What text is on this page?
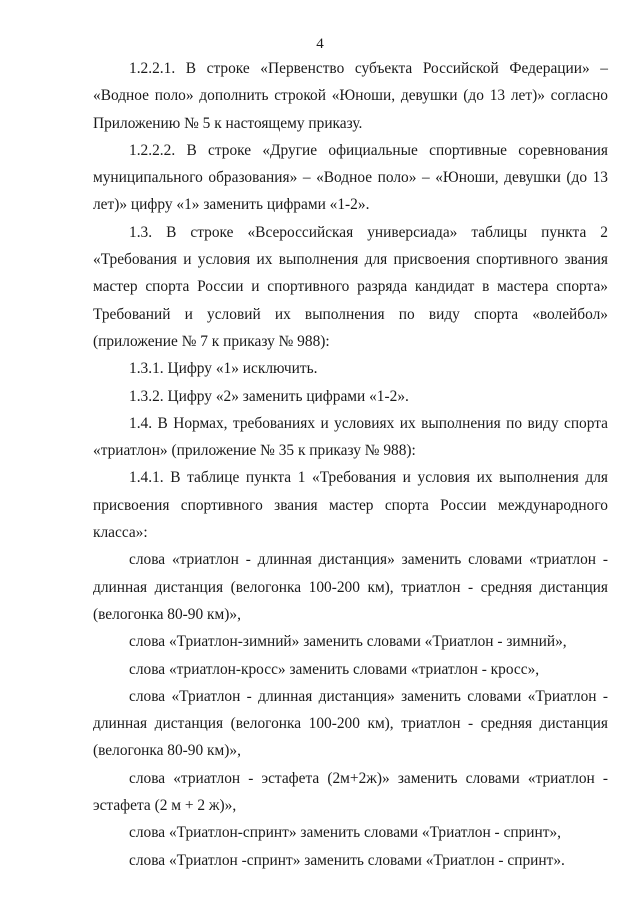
4

1.2.2.1. В строке «Первенство субъекта Российской Федерации» – «Водное поло» дополнить строкой «Юноши, девушки (до 13 лет)» согласно Приложению № 5 к настоящему приказу.

1.2.2.2. В строке «Другие официальные спортивные соревнования муниципального образования» – «Водное поло» – «Юноши, девушки (до 13 лет)» цифру «1» заменить цифрами «1-2».

1.3. В строке «Всероссийская универсиада» таблицы пункта 2 «Требования и условия их выполнения для присвоения спортивного звания мастер спорта России и спортивного разряда кандидат в мастера спорта» Требований и условий их выполнения по виду спорта «волейбол» (приложение № 7 к приказу № 988):

1.3.1. Цифру «1» исключить.

1.3.2. Цифру «2» заменить цифрами «1-2».

1.4. В Нормах, требованиях и условиях их выполнения по виду спорта «триатлон» (приложение № 35 к приказу № 988):

1.4.1. В таблице пункта 1 «Требования и условия их выполнения для присвоения спортивного звания мастер спорта России международного класса»:

слова «триатлон - длинная дистанция» заменить словами «триатлон - длинная дистанция (велогонка 100-200 км), триатлон - средняя дистанция (велогонка 80-90 км)»,

слова «Триатлон-зимний» заменить словами «Триатлон - зимний»,

слова «триатлон-кросс» заменить словами «триатлон - кросс»,

слова «Триатлон - длинная дистанция» заменить словами «Триатлон - длинная дистанция (велогонка 100-200 км), триатлон - средняя дистанция (велогонка 80-90 км)»,

слова «триатлон - эстафета (2м+2ж)» заменить словами «триатлон - эстафета (2 м + 2 ж)»,

слова «Триатлон-спринт» заменить словами «Триатлон - спринт»,

слова «Триатлон -спринт» заменить словами «Триатлон - спринт».
